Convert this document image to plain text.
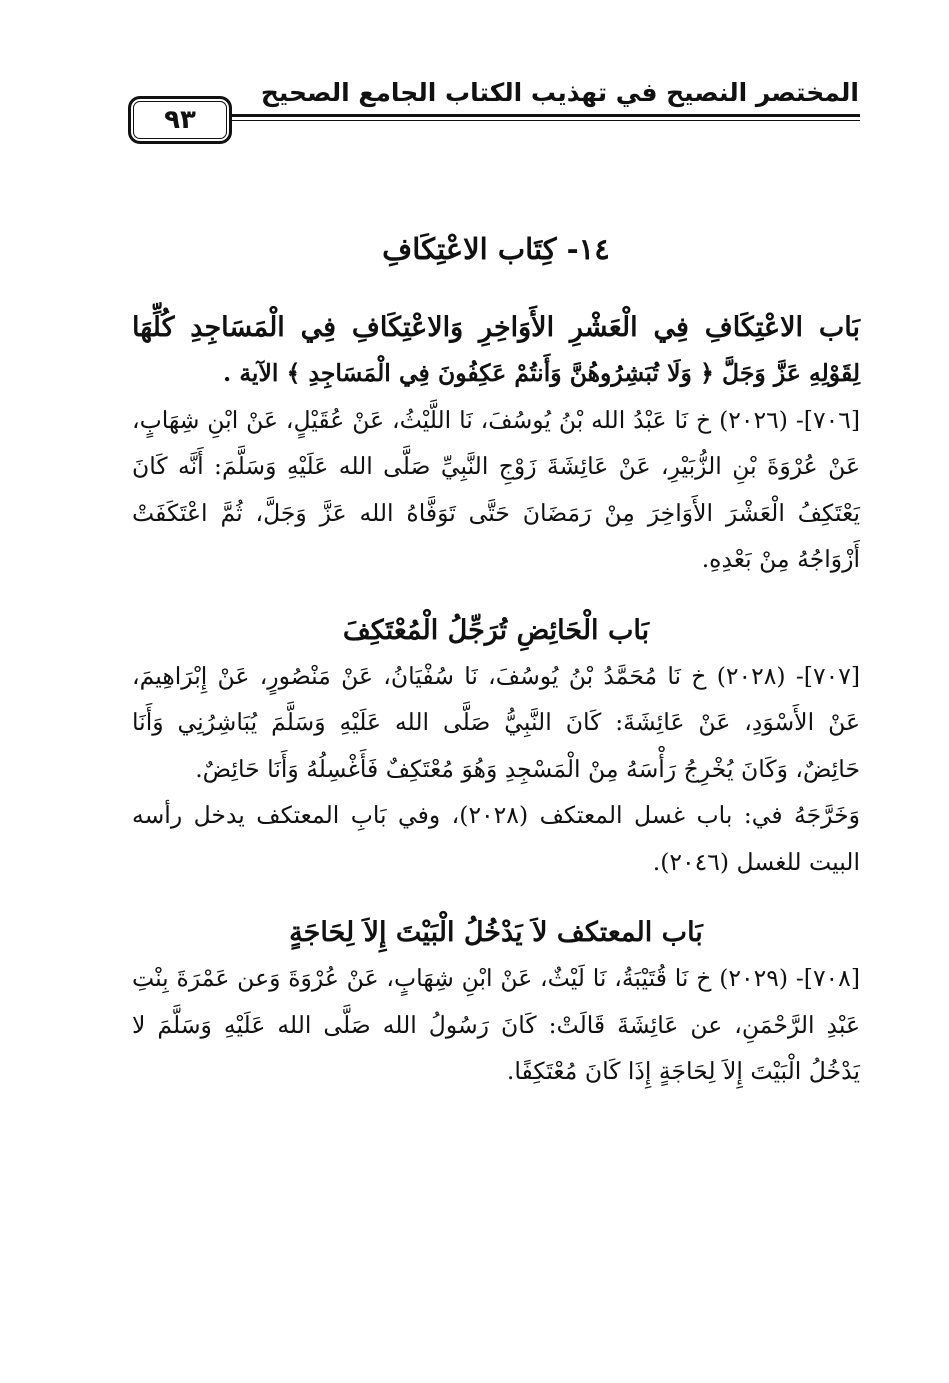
المختصر النصيح في تهذيب الكتاب الجامع الصحيح
٩٣
١٤- كِتَاب الاعْتِكَافِ
بَاب الاعْتِكَافِ فِي الْعَشْرِ الأَوَاخِرِ وَالاعْتِكَافِ فِي الْمَسَاجِدِ كُلِّهَا

لِقَوْلِهِ عَزَّ وَجَلَّ ﴿ وَلَا تُبَشِرُوهُنَّ وَأَنتُمْ عَكِفُونَ فِي الْمَسَاجِدِ ﴾ الآية .

[٧٠٦]- (٢٠٢٦) خ نَا عَبْدُ الله بْنُ يُوسُفَ، نَا اللَّيْثُ، عَنْ عُقَيْلٍ، عَنْ ابْنِ شِهَابٍ، عَنْ عُرْوَةَ بْنِ الزُّبَيْرِ، عَنْ عَائِشَةَ زَوْجِ النَّبِيِّ صَلَّى الله عَلَيْهِ وَسَلَّمَ: أَنَّه كَانَ يَعْتَكِفُ الْعَشْرَ الأَوَاخِرَ مِنْ رَمَضَانَ حَتَّى تَوَفَّاهُ الله عَزَّ وَجَلَّ، ثُمَّ اعْتَكَفَتْ أَزْوَاجُهُ مِنْ بَعْدِهِ.

بَاب الْحَائِضِ تُرَجِّلُ الْمُعْتَكِفَ

[٧٠٧]- (٢٠٢٨) خ نَا مُحَمَّدُ بْنُ يُوسُفَ، نَا سُفْيَانُ، عَنْ مَنْصُورٍ، عَنْ إِبْرَاهِيمَ، عَنْ الأَسْوَدِ، عَنْ عَائِشَةَ: كَانَ النَّبِيُّ صَلَّى الله عَلَيْهِ وَسَلَّمَ يُبَاشِرُنِي وَأَنَا حَائِضٌ، وَكَانَ يُخْرِجُ رَأْسَهُ مِنْ الْمَسْجِدِ وَهُوَ مُعْتَكِفٌ فَأَغْسِلُهُ وَأَنَا حَائِضٌ.

وَخَرَّجَهُ في: باب غسل المعتكف (٢٠٢٨)، وفي بَابِ المعتكف يدخل رأسه البيت للغسل (٢٠٤٦).

بَاب المعتكف لاَ يَدْخُلُ الْبَيْتَ إِلاَ لِحَاجَةٍ

[٧٠٨]- (٢٠٢٩) خ نَا قُتَيْبَةُ، نَا لَيْثٌ، عَنْ ابْنِ شِهَابٍ، عَنْ عُرْوَةَ وَعن عَمْرَةَ بِنْتِ عَبْدِ الرَّحْمَنِ، عن عَائِشَةَ قَالَتْ: كَانَ رَسُولُ الله صَلَّى الله عَلَيْهِ وَسَلَّمَ لا يَدْخُلُ الْبَيْتَ إِلاَ لِحَاجَةٍ إِذَا كَانَ مُعْتَكِفًا.
